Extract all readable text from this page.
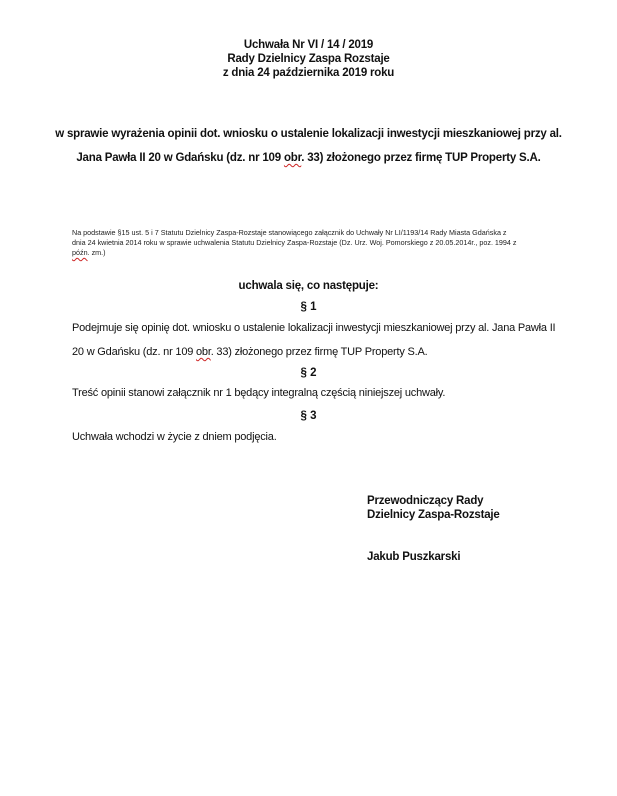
Uchwała Nr VI / 14 / 2019
Rady Dzielnicy Zaspa Rozstaje
z dnia 24 października 2019 roku
w sprawie wyrażenia opinii dot. wniosku o ustalenie lokalizacji inwestycji mieszkaniowej przy al.
Jana Pawła II 20 w Gdańsku (dz. nr 109 obr. 33) złożonego przez firmę TUP Property S.A.
Na podstawie §15 ust. 5 i 7 Statutu Dzielnicy Zaspa-Rozstaje stanowiącego załącznik do Uchwały Nr LI/1193/14 Rady Miasta Gdańska z
dnia 24 kwietnia 2014 roku w sprawie uchwalenia Statutu Dzielnicy Zaspa-Rozstaje (Dz. Urz. Woj. Pomorskiego z 20.05.2014r., poz. 1994 z
późn. zm.)
uchwala się, co następuje:
§ 1
Podejmuje się opinię dot. wniosku o ustalenie lokalizacji inwestycji mieszkaniowej przy al. Jana Pawła II
20 w Gdańsku (dz. nr 109 obr. 33) złożonego przez firmę TUP Property S.A.
§ 2
Treść opinii stanowi załącznik nr 1 będący integralną częścią niniejszej uchwały.
§ 3
Uchwała wchodzi w życie z dniem podjęcia.
Przewodniczący Rady
Dzielnicy Zaspa-Rozstaje
Jakub Puszkarski
